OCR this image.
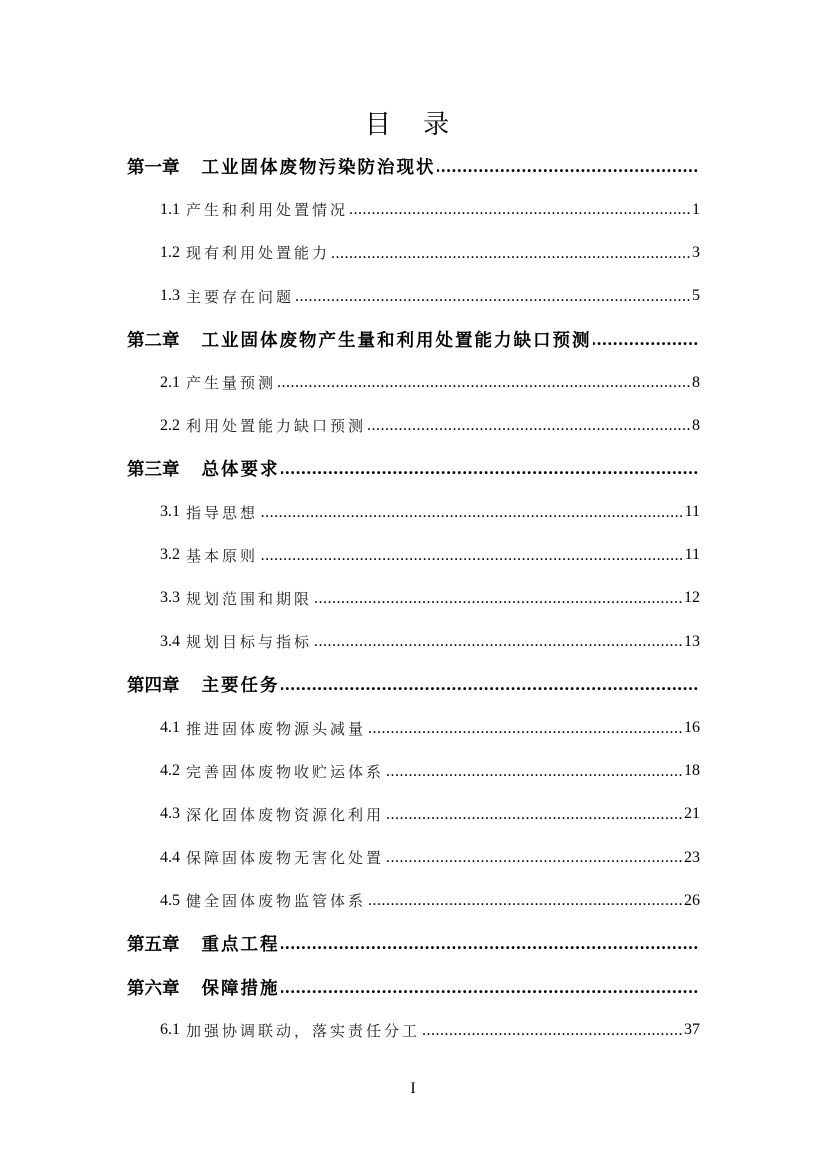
目 录
第一章 工业固体废物污染防治现状
.....
1.1 产生和利用处置情况 .....	1
1.2 现有利用处置能力 .....	3
1.3 主要存在问题 .....	5
第二章 工业固体废物产生量和利用处置能力缺口预测
.....
2.1 产生量预测 .....	8
2.2 利用处置能力缺口预测 .....	8
第三章 总体要求
.....
3.1 指导思想 .....	11
3.2 基本原则 .....	11
3.3 规划范围和期限 .....	12
3.4 规划目标与指标 .....	13
第四章 主要任务
.....
4.1 推进固体废物源头减量 .....	16
4.2 完善固体废物收贮运体系 .....	18
4.3 深化固体废物资源化利用 .....	21
4.4 保障固体废物无害化处置 .....	23
4.5 健全固体废物监管体系 .....	26
第五章 重点工程
.....
第六章 保障措施
.....
6.1 加强协调联动，落实责任分工 .....	37
I
